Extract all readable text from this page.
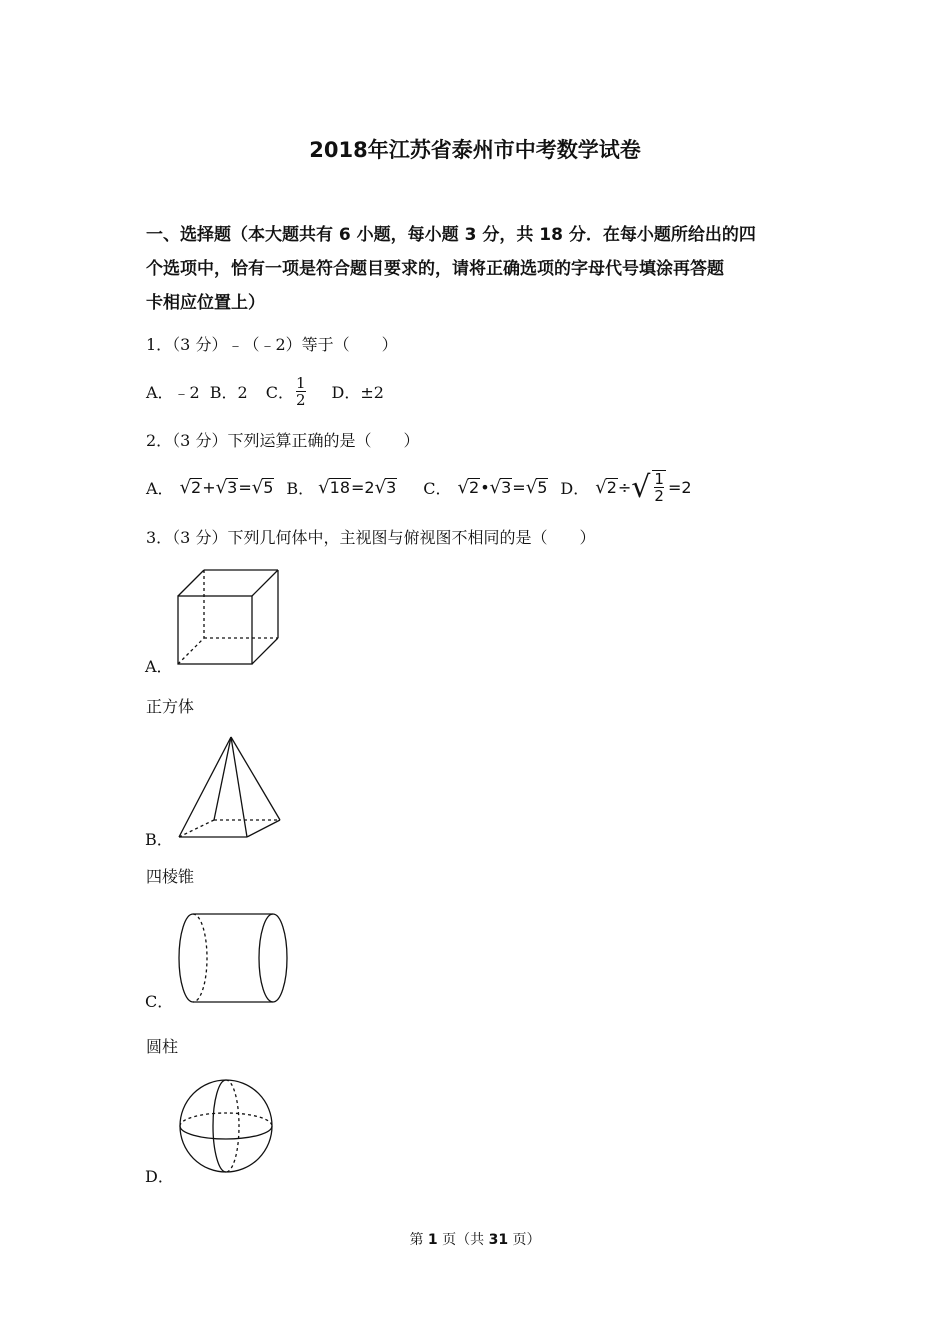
2018年江苏省泰州市中考数学试卷
一、选择题（本大题共有 6 小题，每小题 3 分，共 18 分．在每小题所给出的四
个选项中，恰有一项是符合题目要求的，请将正确选项的字母代号填涂再答题
卡相应位置上）
1．（3 分）﹣（﹣2）等于（　　）
A．﹣2 B．2 C． $\frac{1}{2}$ D．±2
2．（3 分）下列运算正确的是（　　）
A． √2+√3=√5 B． √18=2√3 C． √2•√3=√5 D． √ 2 ÷ √ $\frac{1}{2} =2$
3．（3 分）下列几何体中，主视图与俯视图不相同的是（　　）
A．
正方体
B．
四棱锥
C．
圆柱
D．
第 1 页（共 31 页）
